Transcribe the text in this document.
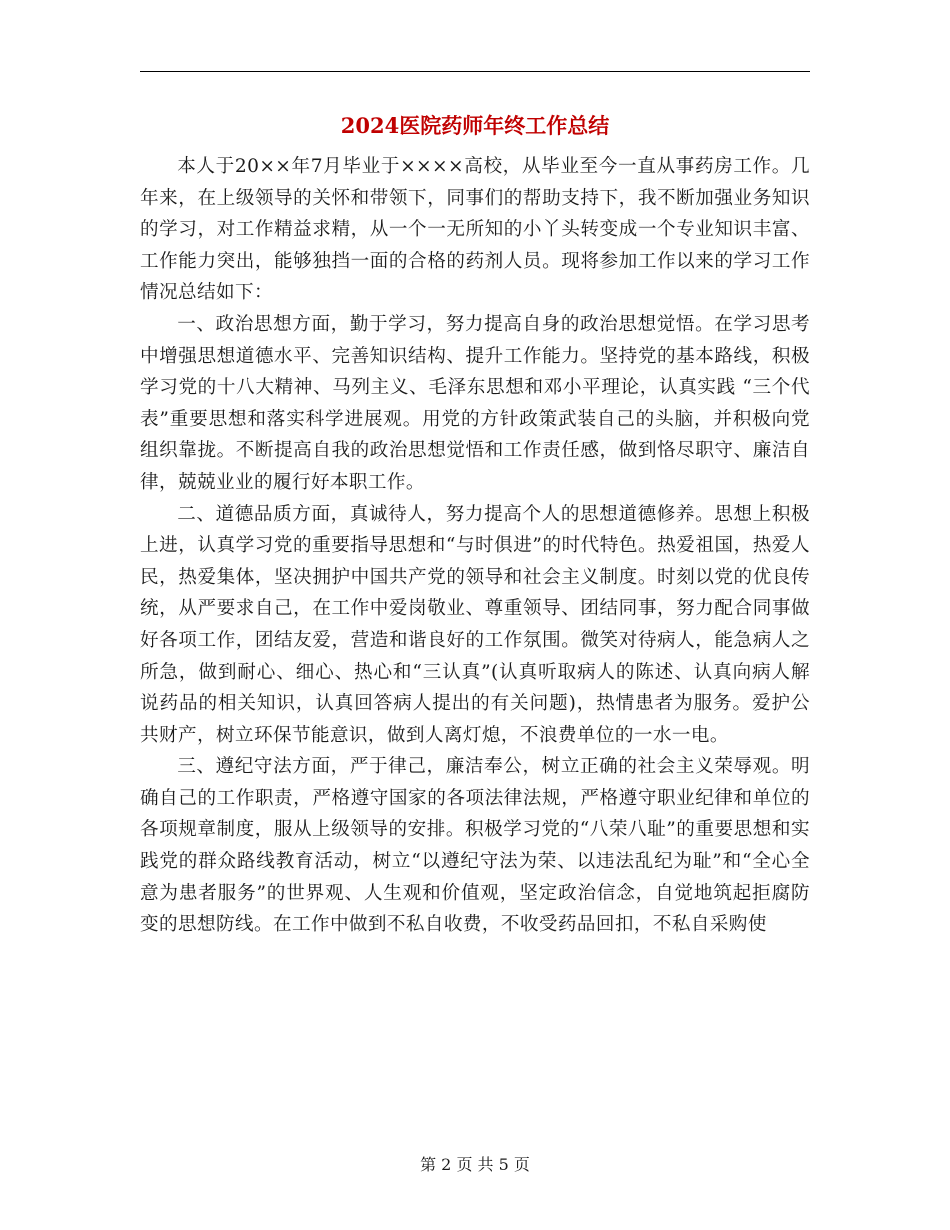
2024医院药师年终工作总结

本人于20××年7月毕业于××××高校，从毕业至今一直从事药房工作。几年来，在上级领导的关怀和带领下，同事们的帮助支持下，我不断加强业务知识的学习，对工作精益求精，从一个一无所知的小丫头转变成一个专业知识丰富、工作能力突出，能够独挡一面的合格的药剂人员。现将参加工作以来的学习工作情况总结如下：

一、政治思想方面，勤于学习，努力提高自身的政治思想觉悟。在学习思考中增强思想道德水平、完善知识结构、提升工作能力。坚持党的基本路线，积极学习党的十八大精神、马列主义、毛泽东思想和邓小平理论，认真实践 “三个代表”重要思想和落实科学进展观。用党的方针政策武装自己的头脑，并积极向党组织靠拢。不断提高自我的政治思想觉悟和工作责任感，做到恪尽职守、廉洁自律，兢兢业业的履行好本职工作。

二、道德品质方面，真诚待人，努力提高个人的思想道德修养。思想上积极上进，认真学习党的重要指导思想和“与时俱进”的时代特色。热爱祖国，热爱人民，热爱集体，坚决拥护中国共产党的领导和社会主义制度。时刻以党的优良传统，从严要求自己，在工作中爱岗敬业、尊重领导、团结同事，努力配合同事做好各项工作，团结友爱，营造和谐良好的工作氛围。微笑对待病人，能急病人之所急，做到耐心、细心、热心和“三认真”(认真听取病人的陈述、认真向病人解说药品的相关知识，认真回答病人提出的有关问题)，热情患者为服务。爱护公共财产，树立环保节能意识，做到人离灯熄，不浪费单位的一水一电。

三、遵纪守法方面，严于律己，廉洁奉公，树立正确的社会主义荣辱观。明确自己的工作职责，严格遵守国家的各项法律法规，严格遵守职业纪律和单位的各项规章制度，服从上级领导的安排。积极学习党的“八荣八耻”的重要思想和实践党的群众路线教育活动，树立“以遵纪守法为荣、以违法乱纪为耻”和“全心全意为患者服务”的世界观、人生观和价值观，坚定政治信念，自觉地筑起拒腐防变的思想防线。在工作中做到不私自收费，不收受药品回扣，不私自采购使

第 2 页 共 5 页
